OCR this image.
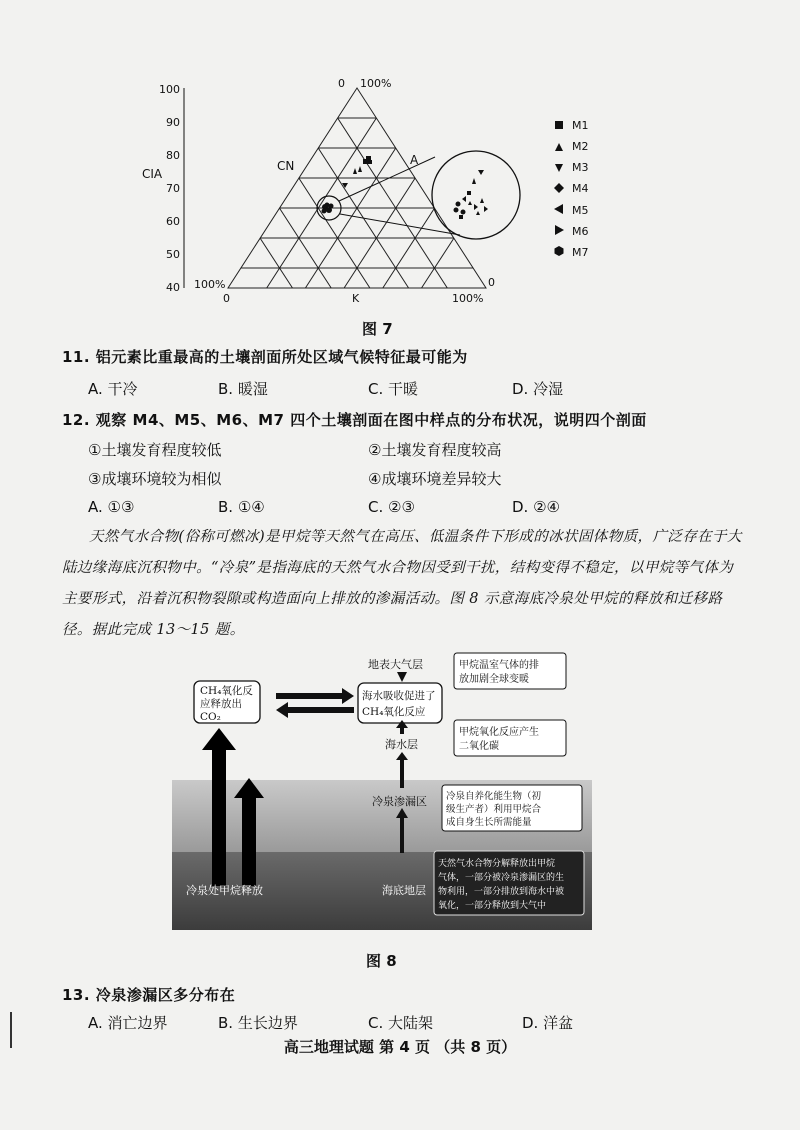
100
90
80
70
60
50
40
CIA
0 100%
CN	A
100%
0	K	100%
0
M1
M2
M3
M4
M5
M6
M7
图 7
11. 铝元素比重最高的土壤剖面所处区域气候特征最可能为
A. 干冷	B. 暖湿	C. 干暖	D. 冷湿
12. 观察 M4、M5、M6、M7 四个土壤剖面在图中样点的分布状况，说明四个剖面
①土壤发育程度较低	②土壤发育程度较高
③成壤环境较为相似	④成壤环境差异较大
A. ①③	B. ①④	C. ②③	D. ②④
天然气水合物(俗称可燃冰)是甲烷等天然气在高压、低温条件下形成的冰状固体物质，广泛存在于大陆边缘海底沉积物中。“冷泉”是指海底的天然气水合物因受到干扰，结构变得不稳定，以甲烷等气体为主要形式，沿着沉积物裂隙或构造面向上排放的渗漏活动。图 8 示意海底冷泉处甲烷的释放和迁移路径。据此完成 13～15 题。
CH₄氧化反
应释放出
CO₂
海水吸收促进了
CH₄氧化反应
地表大气层
海水层
冷泉渗漏区
海底地层
冷泉处甲烷释放
甲烷温室气体的排
放加剧全球变暖
甲烷氧化反应产生
二氧化碳
冷泉自养化能生物（初
级生产者）利用甲烷合
成自身生长所需能量
天然气水合物分解释放出甲烷
气体，一部分被冷泉渗漏区的生
物利用，一部分排放到海水中被
氧化，一部分释放到大气中
图 8
13. 冷泉渗漏区多分布在
A. 消亡边界	B. 生长边界	C. 大陆架	D. 洋盆
高三地理试题 第 4 页 （共 8 页）
